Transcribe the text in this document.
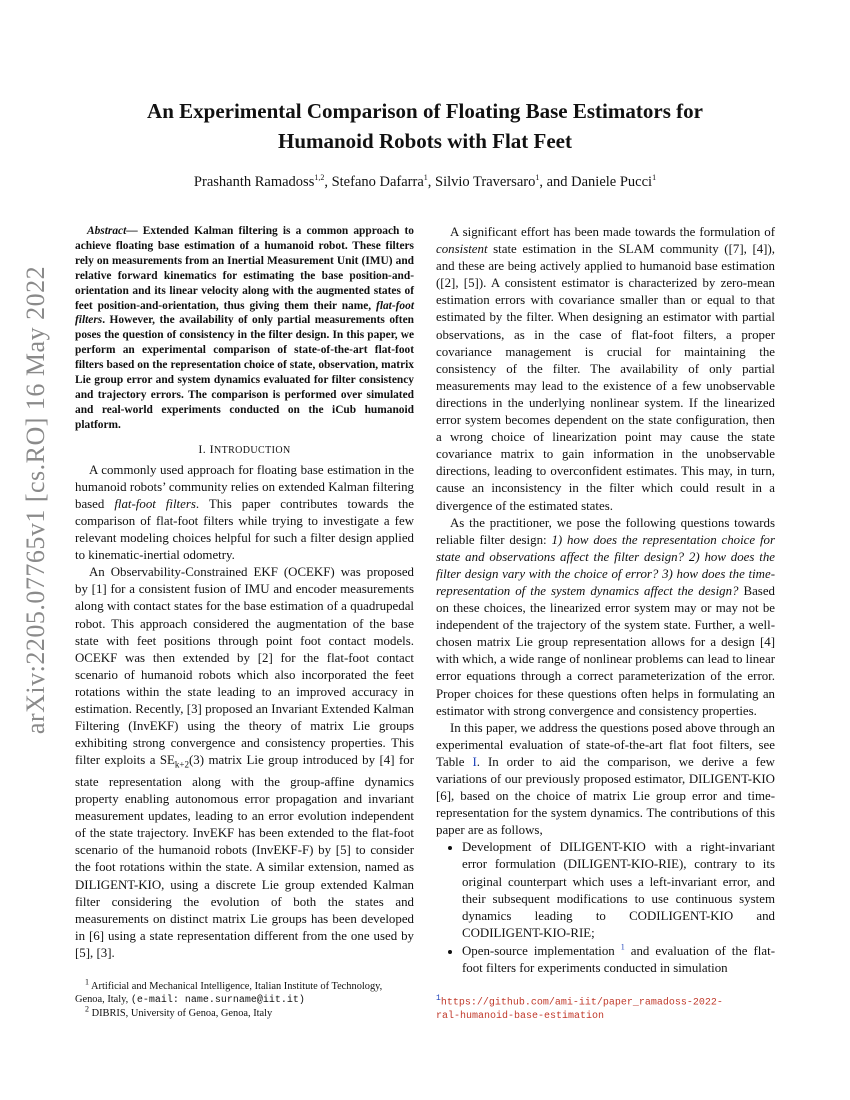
arXiv:2205.07765v1 [cs.RO] 16 May 2022
An Experimental Comparison of Floating Base Estimators for
Humanoid Robots with Flat Feet
Prashanth Ramadoss$^{1,2}$, Stefano Dafarra$^1$, Silvio Traversaro$^1$, and Daniele Pucci$^1$

Abstract— Extended Kalman filtering is a common approach to achieve floating base estimation of a humanoid robot. These filters rely on measurements from an Inertial Measurement Unit (IMU) and relative forward kinematics for estimating the base position-and-orientation and its linear velocity along with the augmented states of feet position-and-orientation, thus giving them their name, flat-foot filters. However, the availability of only partial measurements often poses the question of consistency in the filter design. In this paper, we perform an experimental comparison of state-of-the-art flat-foot filters based on the representation choice of state, observation, matrix Lie group error and system dynamics evaluated for filter consistency and trajectory errors. The comparison is performed over simulated and real-world experiments conducted on the iCub humanoid platform.

I. INTRODUCTION

A commonly used approach for floating base estimation in the humanoid robots’ community relies on extended Kalman filtering based flat-foot filters. This paper contributes towards the comparison of flat-foot filters while trying to investigate a few relevant modeling choices helpful for such a filter design applied to kinematic-inertial odometry.

An Observability-Constrained EKF (OCEKF) was proposed by [1] for a consistent fusion of IMU and encoder measurements along with contact states for the base estimation of a quadrupedal robot. This approach considered the augmentation of the base state with feet positions through point foot contact models. OCEKF was then extended by [2] for the flat-foot contact scenario of humanoid robots which also incorporated the feet rotations within the state leading to an improved accuracy in estimation. Recently, [3] proposed an Invariant Extended Kalman Filtering (InvEKF) using the theory of matrix Lie groups exhibiting strong convergence and consistency properties. This filter exploits a $SE_{k+2}(3)$ matrix Lie group introduced by [4] for state representation along with the group-affine dynamics property enabling autonomous error propagation and invariant measurement updates, leading to an error evolution independent of the state trajectory. InvEKF has been extended to the flat-foot scenario of the humanoid robots (InvEKF-F) by [5] to consider the foot rotations within the state. A similar extension, named as DILIGENT-KIO, using a discrete Lie group extended Kalman filter considering the evolution of both the states and measurements on distinct matrix Lie groups has been developed in [6] using a state representation different from the one used by [5], [3].

A significant effort has been made towards the formulation of consistent state estimation in the SLAM community ([7], [4]), and these are being actively applied to humanoid base estimation ([2], [5]). A consistent estimator is characterized by zero-mean estimation errors with covariance smaller than or equal to that estimated by the filter. When designing an estimator with partial observations, as in the case of flat-foot filters, a proper covariance management is crucial for maintaining the consistency of the filter. The availability of only partial measurements may lead to the existence of a few unobservable directions in the underlying nonlinear system. If the linearized error system becomes dependent on the state configuration, then a wrong choice of linearization point may cause the state covariance matrix to gain information in the unobservable directions, leading to overconfident estimates. This may, in turn, cause an inconsistency in the filter which could result in a divergence of the estimated states.

As the practitioner, we pose the following questions towards reliable filter design: 1) how does the representation choice for state and observations affect the filter design? 2) how does the filter design vary with the choice of error? 3) how does the time-representation of the system dynamics affect the design? Based on these choices, the linearized error system may or may not be independent of the trajectory of the system state. Further, a well-chosen matrix Lie group representation allows for a design [4] with which, a wide range of nonlinear problems can lead to linear error equations through a correct parameterization of the error. Proper choices for these questions often helps in formulating an estimator with strong convergence and consistency properties.

In this paper, we address the questions posed above through an experimental evaluation of state-of-the-art flat foot filters, see Table I. In order to aid the comparison, we derive a few variations of our previously proposed estimator, DILIGENT-KIO [6], based on the choice of matrix Lie group error and time-representation for the system dynamics. The contributions of this paper are as follows,

• Development of DILIGENT-KIO with a right-invariant error formulation (DILIGENT-KIO-RIE), contrary to its original counterpart which uses a left-invariant error, and their subsequent modifications to use continuous system dynamics leading to CODILIGENT-KIO and CODILIGENT-KIO-RIE;
• Open-source implementation $^1$ and evaluation of the flat-foot filters for experiments conducted in simulation

$^1$ Artificial and Mechanical Intelligence, Italian Institute of Technology, Genoa, Italy, (e-mail: name.surname@iit.it)

$^2$ DIBRIS, University of Genoa, Genoa, Italy

$^1$https://github.com/ami-iit/paper_ramadoss-2022-
ral-humanoid-base-estimation
